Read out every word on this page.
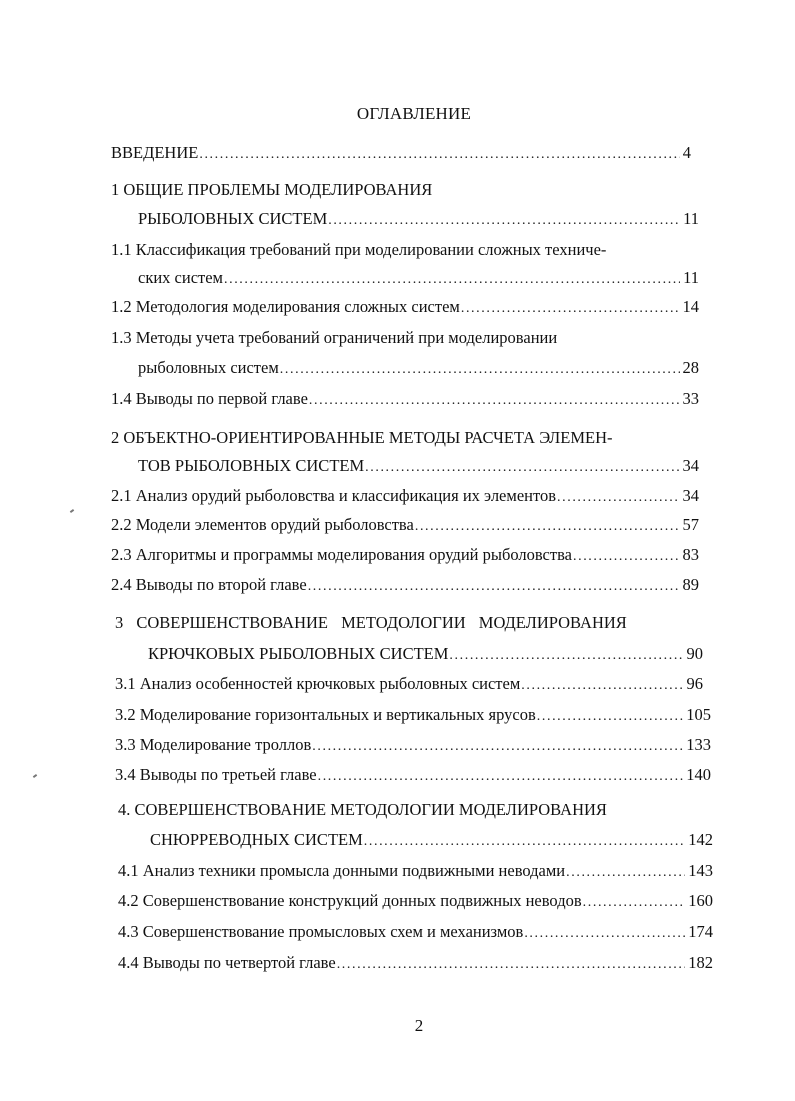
ОГЛАВЛЕНИЕ
ВВЕДЕНИЕ .....	4
1 ОБЩИЕ ПРОБЛЕМЫ МОДЕЛИРОВАНИЯ
РЫБОЛОВНЫХ СИСТЕМ .....	11
1.1 Классификация требований при моделировании сложных техниче-
ских систем .....	11
1.2 Методология моделирования сложных систем .....	14
1.3 Методы учета требований ограничений при моделировании
рыболовных систем .....	28
1.4 Выводы по первой главе .....	33
2 ОБЪЕКТНО-ОРИЕНТИРОВАННЫЕ МЕТОДЫ РАСЧЕТА ЭЛЕМЕН-
ТОВ РЫБОЛОВНЫХ СИСТЕМ .....	34
2.1 Анализ орудий рыболовства и классификация их элементов .....	34
2.2 Модели элементов орудий рыболовства .....	57
2.3 Алгоритмы и программы моделирования орудий рыболовства .....	83
2.4 Выводы по второй главе .....	89
3 СОВЕРШЕНСТВОВАНИЕ МЕТОДОЛОГИИ МОДЕЛИРОВАНИЯ
КРЮЧКОВЫХ РЫБОЛОВНЫХ СИСТЕМ .....	90
3.1 Анализ особенностей крючковых рыболовных систем .....	96
3.2 Моделирование горизонтальных и вертикальных ярусов .....	105
3.3 Моделирование троллов .....	133
3.4 Выводы по третьей главе .....	140
4. СОВЕРШЕНСТВОВАНИЕ МЕТОДОЛОГИИ МОДЕЛИРОВАНИЯ
СНЮРРЕВОДНЫХ СИСТЕМ .....	142
4.1 Анализ техники промысла донными подвижными неводами .....	143
4.2 Совершенствование конструкций донных подвижных неводов .....	160
4.3 Совершенствование промысловых схем и механизмов .....	174
4.4 Выводы по четвертой главе .....	182
2
